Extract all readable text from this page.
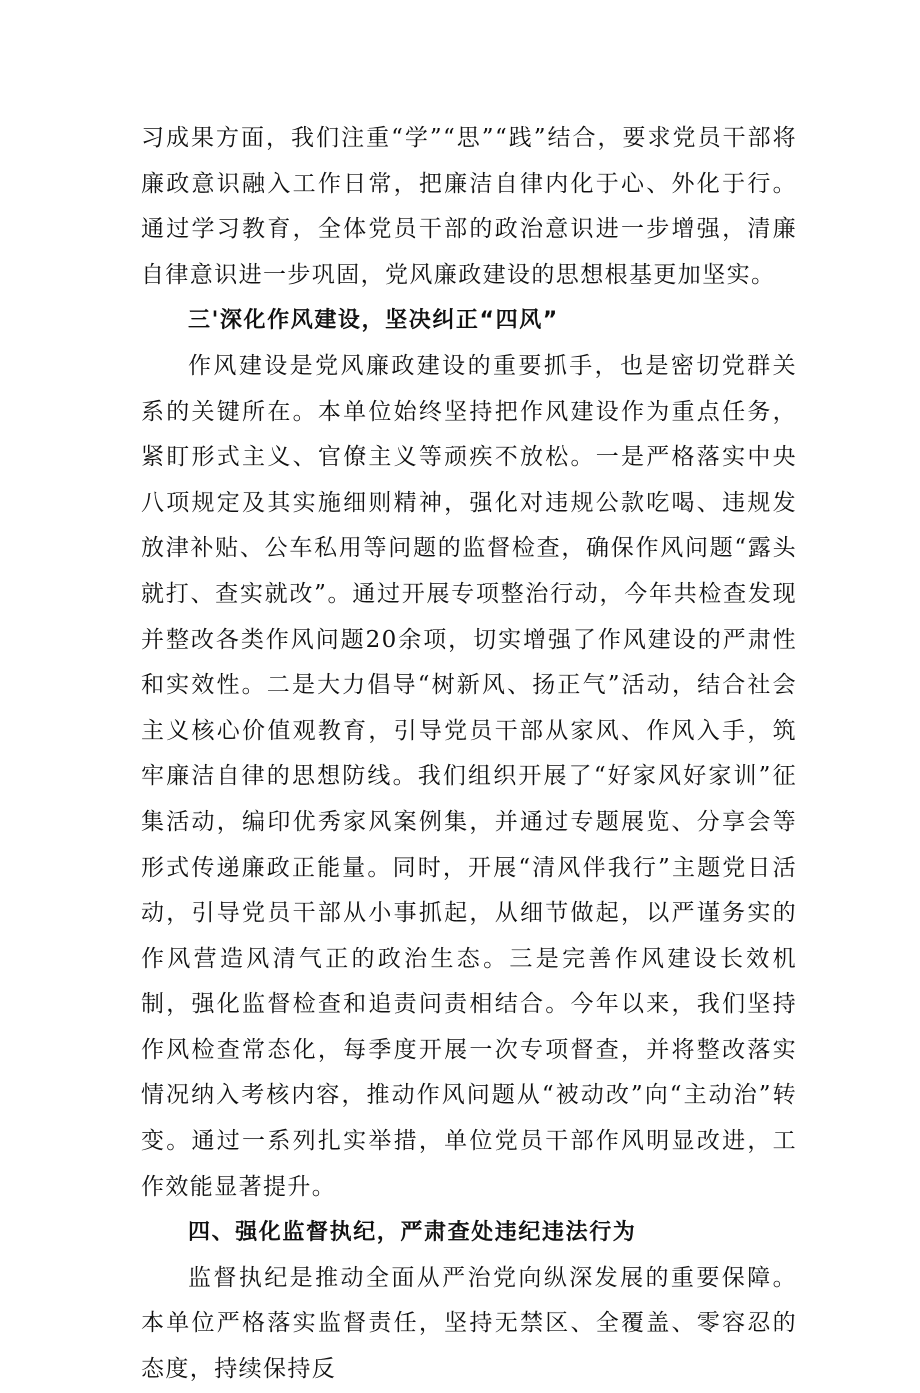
习成果方面，我们注重“学”“思”“践”结合，要求党员干部将廉政意识融入工作日常，把廉洁自律内化于心、外化于行。通过学习教育，全体党员干部的政治意识进一步增强，清廉自律意识进一步巩固，党风廉政建设的思想根基更加坚实。

三'深化作风建设，坚决纠正“四风”

作风建设是党风廉政建设的重要抓手，也是密切党群关系的关键所在。本单位始终坚持把作风建设作为重点任务，紧盯形式主义、官僚主义等顽疾不放松。一是严格落实中央八项规定及其实施细则精神，强化对违规公款吃喝、违规发放津补贴、公车私用等问题的监督检查，确保作风问题“露头就打、查实就改”。通过开展专项整治行动，今年共检查发现并整改各类作风问题20余项，切实增强了作风建设的严肃性和实效性。二是大力倡导“树新风、扬正气”活动，结合社会主义核心价值观教育，引导党员干部从家风、作风入手，筑牢廉洁自律的思想防线。我们组织开展了“好家风好家训”征集活动，编印优秀家风案例集，并通过专题展览、分享会等形式传递廉政正能量。同时，开展“清风伴我行”主题党日活动，引导党员干部从小事抓起，从细节做起，以严谨务实的作风营造风清气正的政治生态。三是完善作风建设长效机制，强化监督检查和追责问责相结合。今年以来，我们坚持作风检查常态化，每季度开展一次专项督查，并将整改落实情况纳入考核内容，推动作风问题从“被动改”向“主动治”转变。通过一系列扎实举措，单位党员干部作风明显改进，工作效能显著提升。

四、强化监督执纪，严肃查处违纪违法行为

监督执纪是推动全面从严治党向纵深发展的重要保障。本单位严格落实监督责任，坚持无禁区、全覆盖、零容忍的态度，持续保持反
